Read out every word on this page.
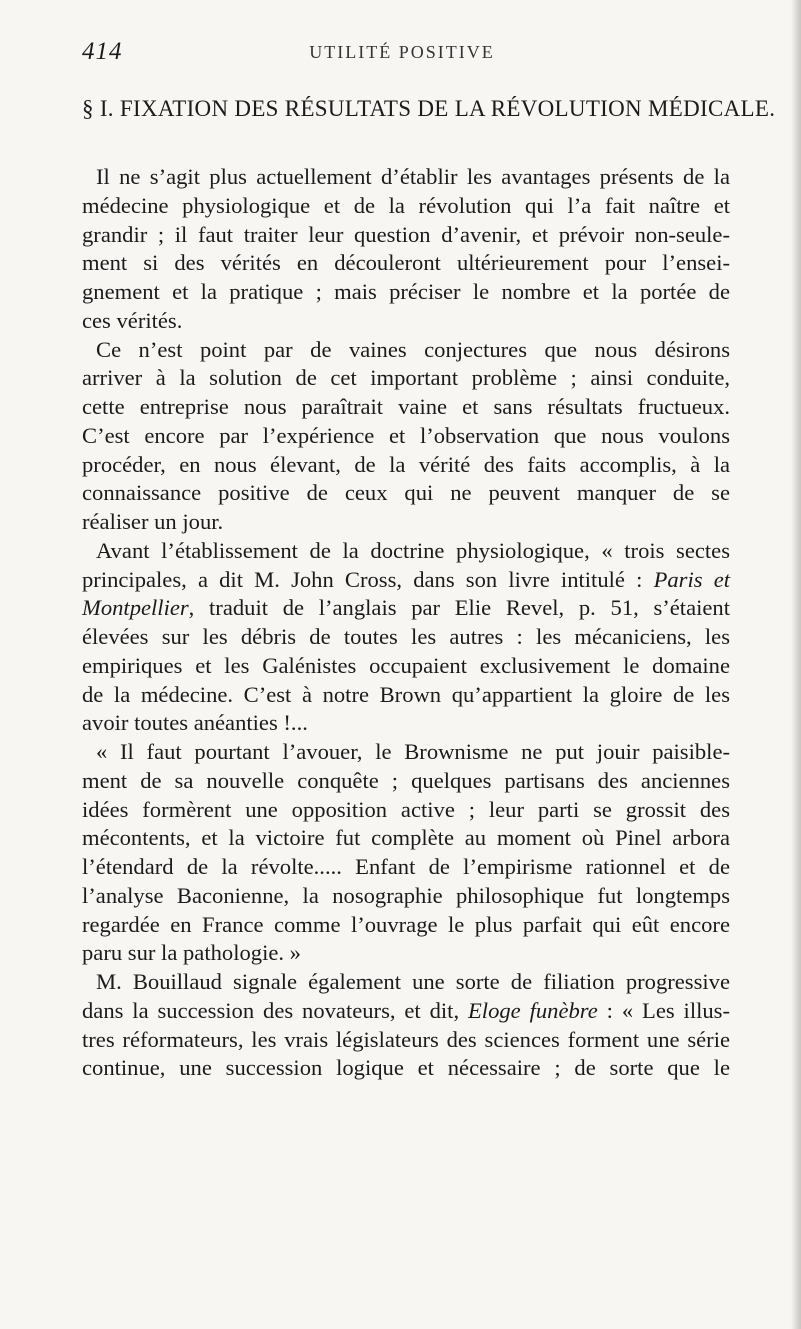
414	UTILITÉ POSITIVE
§ I. FIXATION DES RÉSULTATS DE LA RÉVOLUTION MÉDICALE.
Il ne s’agit plus actuellement d’établir les avantages présents de la
médecine physiologique et de la révolution qui l’a fait naître et
grandir ; il faut traiter leur question d’avenir, et prévoir non-seule-
ment si des vérités en découleront ultérieurement pour l’ensei-
gnement et la pratique ; mais préciser le nombre et la portée de
ces vérités.
Ce n’est point par de vaines conjectures que nous désirons
arriver à la solution de cet important problème ; ainsi conduite,
cette entreprise nous paraîtrait vaine et sans résultats fructueux.
C’est encore par l’expérience et l’observation que nous voulons
procéder, en nous élevant, de la vérité des faits accomplis, à la
connaissance positive de ceux qui ne peuvent manquer de se
réaliser un jour.
Avant l’établissement de la doctrine physiologique, « trois sectes
principales, a dit M. John Cross, dans son livre intitulé : Paris et
Montpellier, traduit de l’anglais par Elie Revel, p. 51, s’étaient
élevées sur les débris de toutes les autres : les mécaniciens, les
empiriques et les Galénistes occupaient exclusivement le domaine
de la médecine. C’est à notre Brown qu’appartient la gloire de les
avoir toutes anéanties !...
« Il faut pourtant l’avouer, le Brownisme ne put jouir paisible-
ment de sa nouvelle conquête ; quelques partisans des anciennes
idées formèrent une opposition active ; leur parti se grossit des
mécontents, et la victoire fut complète au moment où Pinel arbora
l’étendard de la révolte..... Enfant de l’empirisme rationnel et de
l’analyse Baconienne, la nosographie philosophique fut longtemps
regardée en France comme l’ouvrage le plus parfait qui eût encore
paru sur la pathologie. »
M. Bouillaud signale également une sorte de filiation progressive
dans la succession des novateurs, et dit, Eloge funèbre : « Les illus-
tres réformateurs, les vrais législateurs des sciences forment une série
continue, une succession logique et nécessaire ; de sorte que le
